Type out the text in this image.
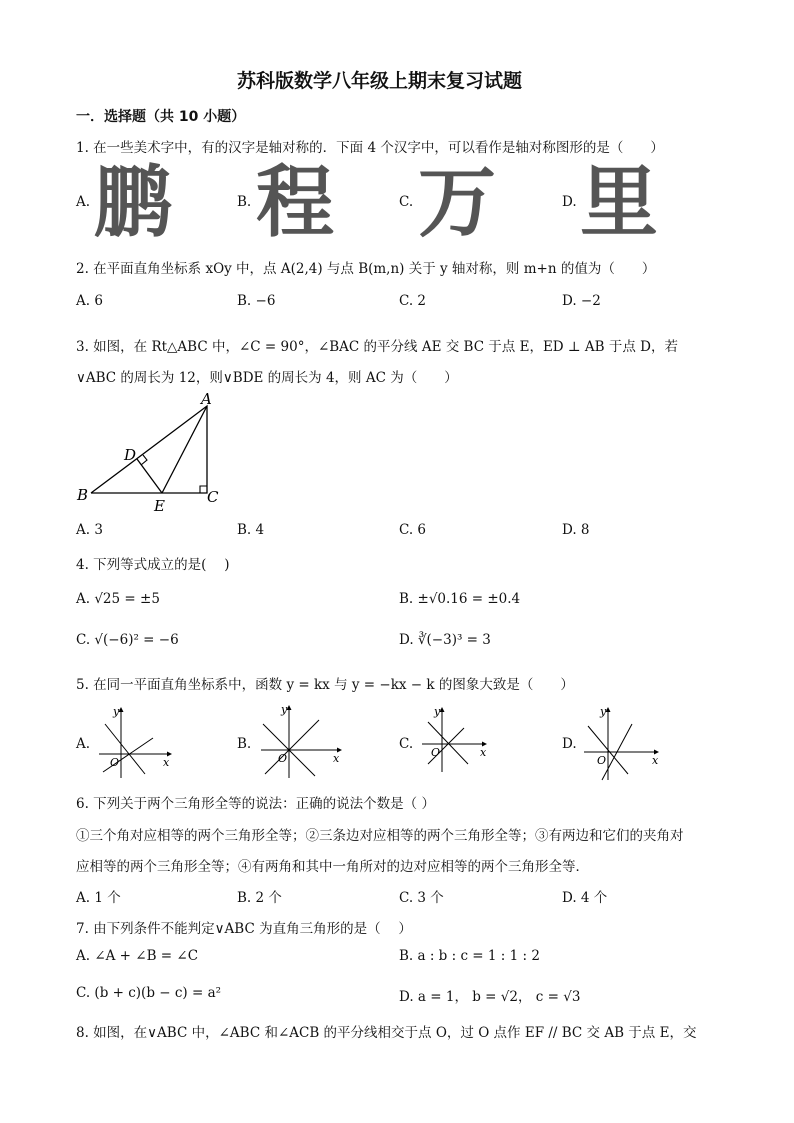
苏科版数学八年级上期末复习试题
一．选择题（共 10 小题）
1. 在一些美术字中，有的汉字是轴对称的．下面 4 个汉字中，可以看作是轴对称图形的是（　　）
A. 鹏	B. 程	C. 万	D. 里
2. 在平面直角坐标系 xOy 中，点 A(2,4) 与点 B(m,n) 关于 y 轴对称，则 m+n 的值为（　　）
A. 6	B. −6	C. 2	D. −2
3. 如图，在 Rt△ABC 中，∠C = 90°，∠BAC 的平分线 AE 交 BC 于点 E，ED ⊥ AB 于点 D，若
∨ABC 的周长为 12，则∨BDE 的周长为 4，则 AC 为（　　）
A
D
B
E	C
A. 3	B. 4	C. 6	D. 8
4. 下列等式成立的是(　 )
A. √25 = ±5	B. ±√0.16 = ±0.4
C. √(−6)² = −6	D. ∛(−3)³ = 3
5. 在同一平面直角坐标系中，函数 y = kx 与 y = −kx − k 的图象大致是（　　）
A.	B.	C.	D.
y
x
O
y
x
O
y
x
O
y
x
O
6. 下列关于两个三角形全等的说法：正确的说法个数是（ ）
①三个角对应相等的两个三角形全等；②三条边对应相等的两个三角形全等；③有两边和它们的夹角对
应相等的两个三角形全等；④有两角和其中一角所对的边对应相等的两个三角形全等．
A. 1 个	B. 2 个	C. 3 个	D. 4 个
7. 由下列条件不能判定∨ABC 为直角三角形的是（　 ）
A. ∠A + ∠B = ∠C	B. a : b : c = 1 : 1 : 2
C. (b + c)(b − c) = a²	D. a = 1， b = √2， c = √3
8. 如图，在∨ABC 中，∠ABC 和∠ACB 的平分线相交于点 O，过 O 点作 EF // BC 交 AB 于点 E，交
